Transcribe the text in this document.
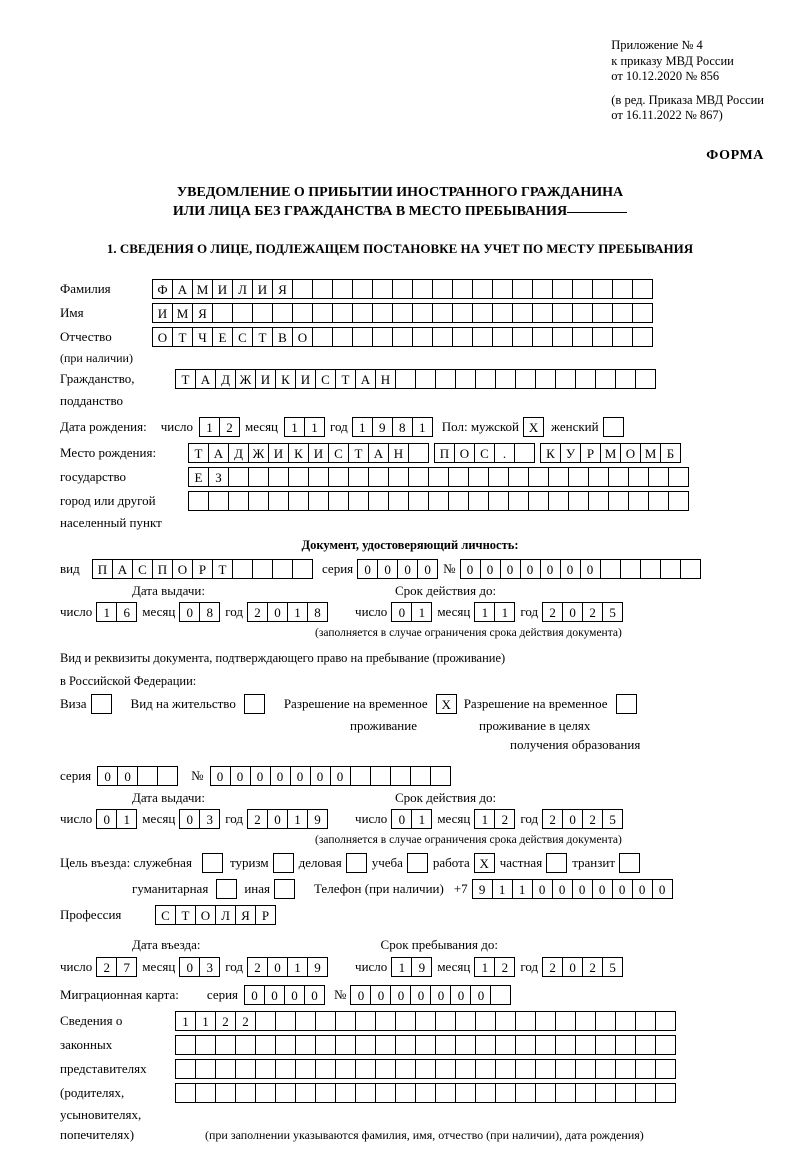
Приложение № 4
к приказу МВД России
от 10.12.2020 № 856
(в ред. Приказа МВД России
от 16.11.2022 № 867)
ФОРМА
УВЕДОМЛЕНИЕ О ПРИБЫТИИ ИНОСТРАННОГО ГРАЖДАНИНА
ИЛИ ЛИЦА БЕЗ ГРАЖДАНСТВА В МЕСТО ПРЕБЫВАНИЯ
1. СВЕДЕНИЯ О ЛИЦЕ, ПОДЛЕЖАЩЕМ ПОСТАНОВКЕ НА УЧЕТ ПО МЕСТУ ПРЕБЫВАНИЯ
Фамилия	Ф А М И Л И Я
Имя	И М Я
Отчество	О Т Ч Е С Т В О
(при наличии)
Гражданство,	Т А Д Ж И К И С Т А Н
подданство
Дата рождения: число	1	2 месяц	1	1 год 1	9	8	1	Пол: мужской X женский
Место рождения:	Т А Д Ж И К И С Т А Н	П О С	.	К У Р М О М Б
государство	Е З
город или другой
населенный пункт
Документ, удостоверяющий личность:
вид	П А С П О Р Т	серия 0	0	0	0 № 0	0	0	0	0	0	0
Дата выдачи:	Срок действия до:
число 1	6 месяц 0	8 год 2	0	1	8	число 0	1 месяц 1	1 год 2	0	2	5
(заполняется в случае ограничения срока действия документа)
Вид и реквизиты документа, подтверждающего право на пребывание (проживание)
в Российской Федерации:
Виза	Вид на жительство	Разрешение на временное	X Разрешение на временное
проживание	проживание в целях
получения образования
серия	0	0	№	0	0	0	0	0	0	0
Дата выдачи:	Срок действия до:
число 0	1 месяц 0	3 год 2	0	1	9	число 0	1 месяц 1	2 год 2	0	2	5
(заполняется в случае ограничения срока действия документа)
Цель въезда: служебная	туризм деловая учеба работа X частная транзит
гуманитарная	иная	Телефон (при наличии) +7 9	1	1	0	0	0	0	0	0	0
Профессия	С Т О Л Я Р
Дата въезда:	Срок пребывания до:
число 2	7 месяц 0	3 год 2	0	1	9	число 1	9 месяц 1	2 год 2	0	2	5
Миграционная карта: серия	0	0	0	0	№ 0	0	0	0	0	0	0
Сведения о	1	1	2	2
законных
представителях
(родителях,
усыновителях,
попечителях)	(при заполнении указываются фамилия, имя, отчество (при наличии), дата рождения)
